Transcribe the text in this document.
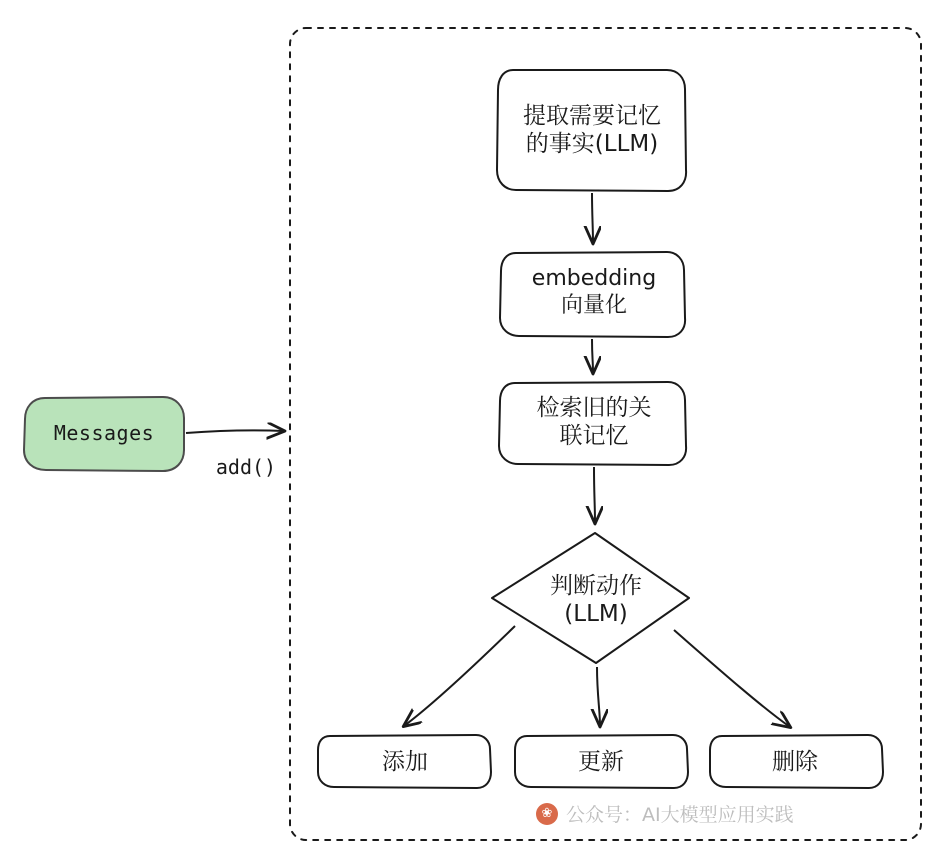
Messages
提取需要记忆
的事实(LLM)
embedding
向量化
检索旧的关
联记忆
判断动作
(LLM)
添加	更新	删除
add()
❀ 公众号：AI大模型应用实践
